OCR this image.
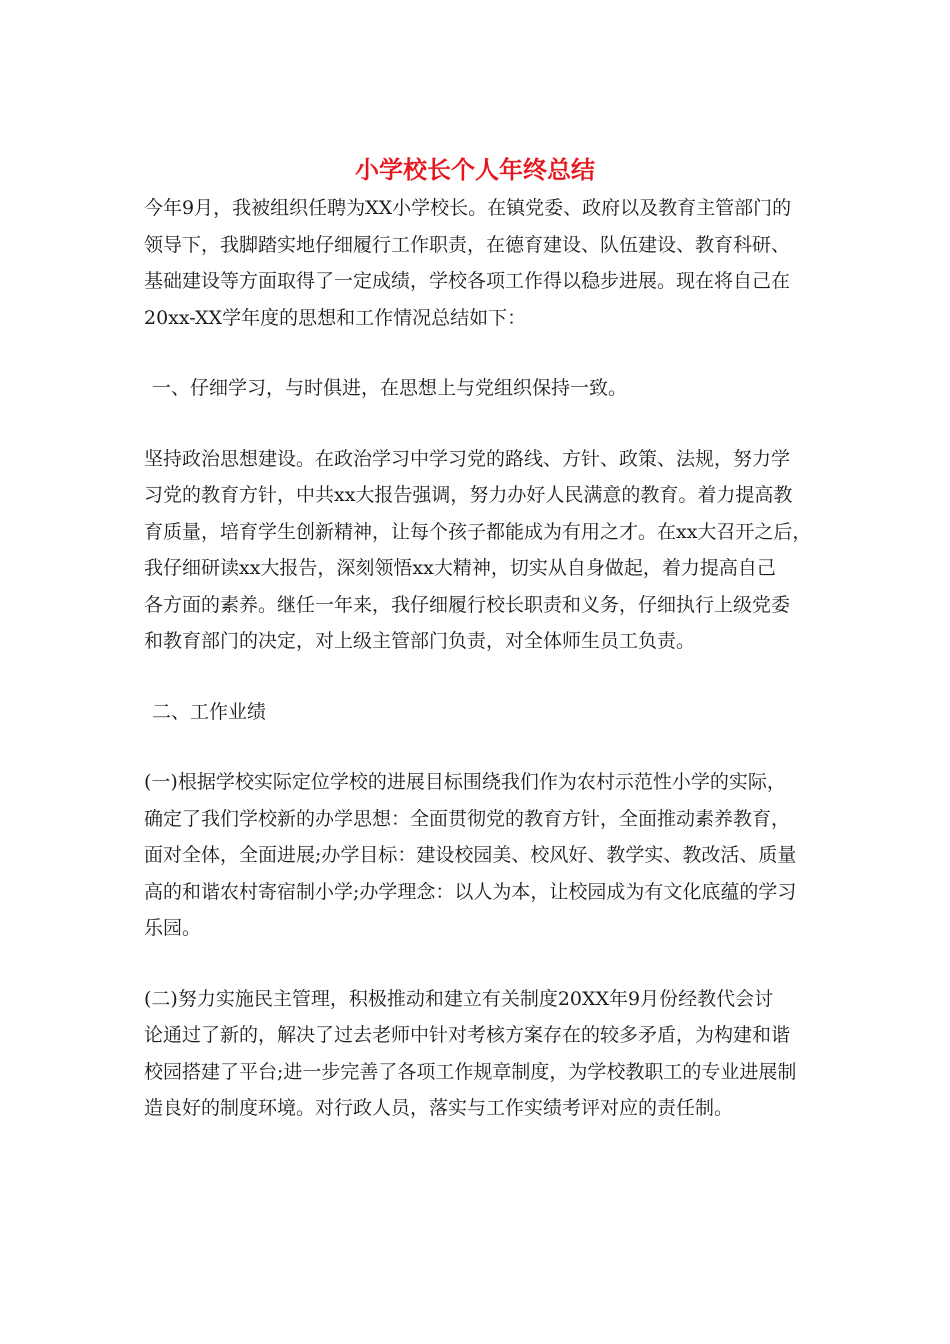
小学校长个人年终总结

今年9月，我被组织任聘为XX小学校长。在镇党委、政府以及教育主管部门的
领导下，我脚踏实地仔细履行工作职责，在德育建设、队伍建设、教育科研、
基础建设等方面取得了一定成绩，学校各项工作得以稳步进展。现在将自己在
20xx-XX学年度的思想和工作情况总结如下：

一、仔细学习，与时俱进，在思想上与党组织保持一致。

坚持政治思想建设。在政治学习中学习党的路线、方针、政策、法规，努力学
习党的教育方针，中共xx大报告强调，努力办好人民满意的教育。着力提高教
育质量，培育学生创新精神，让每个孩子都能成为有用之才。在xx大召开之后，
我仔细研读xx大报告，深刻领悟xx大精神，切实从自身做起，着力提高自己
各方面的素养。继任一年来，我仔细履行校长职责和义务，仔细执行上级党委
和教育部门的决定，对上级主管部门负责，对全体师生员工负责。

二、工作业绩

(一)根据学校实际定位学校的进展目标围绕我们作为农村示范性小学的实际，
确定了我们学校新的办学思想：全面贯彻党的教育方针，全面推动素养教育，
面对全体，全面进展;办学目标：建设校园美、校风好、教学实、教改活、质量
高的和谐农村寄宿制小学;办学理念：以人为本，让校园成为有文化底蕴的学习
乐园。

(二)努力实施民主管理，积极推动和建立有关制度20XX年9月份经教代会讨
论通过了新的，解决了过去老师中针对考核方案存在的较多矛盾，为构建和谐
校园搭建了平台;进一步完善了各项工作规章制度，为学校教职工的专业进展制
造良好的制度环境。对行政人员，落实与工作实绩考评对应的责任制。
